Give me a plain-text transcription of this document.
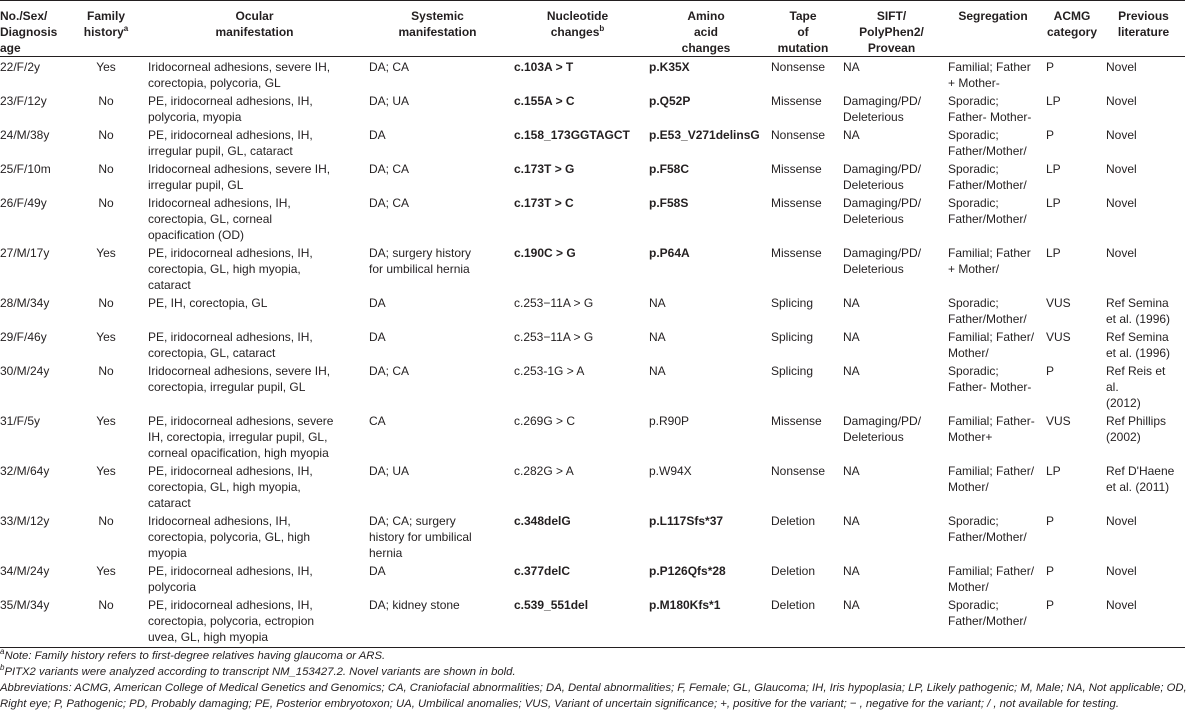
No./Sex/
Diagnosis age	Family
history$^a$	Ocular
manifestation	Systemic
manifestation	Nucleotide
changes$^b$	Amino
acid
changes	Tape
of
mutation	SIFT/
PolyPhen2/
Provean	Segregation	ACMG
category	Previous
literature
22/F/2y	Yes	Iridocorneal adhesions, severe IH,
corectopia, polycoria, GL	DA; CA	c.103A > T	p.K35X	Nonsense	NA	Familial; Father
+ Mother-	P	Novel
23/F/12y	No	PE, iridocorneal adhesions, IH,
polycoria, myopia	DA; UA	c.155A > C	p.Q52P	Missense	Damaging/PD/
Deleterious	Sporadic;
Father- Mother-	LP	Novel
24/M/38y	No	PE, iridocorneal adhesions, IH,
irregular pupil, GL, cataract	DA	c.158_173GGTAGCT	p.E53_V271delinsG	Nonsense	NA	Sporadic;
Father/Mother/	P	Novel
25/F/10m	No	Iridocorneal adhesions, severe IH,
irregular pupil, GL	DA; CA	c.173T > G	p.F58C	Missense	Damaging/PD/
Deleterious	Sporadic;
Father/Mother/	LP	Novel
26/F/49y	No	Iridocorneal adhesions, IH,
corectopia, GL, corneal
opacification (OD)	DA; CA	c.173T > C	p.F58S	Missense	Damaging/PD/
Deleterious	Sporadic;
Father/Mother/	LP	Novel
27/M/17y	Yes	PE, iridocorneal adhesions, IH,
corectopia, GL, high myopia,
cataract	DA; surgery history
for umbilical hernia	c.190C > G	p.P64A	Missense	Damaging/PD/
Deleterious	Familial; Father
+ Mother/	LP	Novel
28/M/34y	No	PE, IH, corectopia, GL	DA	c.253−11A > G	NA	Splicing	NA	Sporadic;
Father/Mother/	VUS	Ref Semina
et al. (1996)
29/F/46y	Yes	PE, iridocorneal adhesions, IH,
corectopia, GL, cataract	DA	c.253−11A > G	NA	Splicing	NA	Familial; Father/
Mother/	VUS	Ref Semina
et al. (1996)
30/M/24y	No	Iridocorneal adhesions, severe IH,
corectopia, irregular pupil, GL	DA; CA	c.253-1G > A	NA	Splicing	NA	Sporadic;
Father- Mother-	P	Ref Reis et al.
(2012)
31/F/5y	Yes	PE, iridocorneal adhesions, severe
IH, corectopia, irregular pupil, GL,
corneal opacification, high myopia	CA	c.269G > C	p.R90P	Missense	Damaging/PD/
Deleterious	Familial; Father-
Mother+	VUS	Ref Phillips
(2002)
32/M/64y	Yes	PE, iridocorneal adhesions, IH,
corectopia, GL, high myopia,
cataract	DA; UA	c.282G > A	p.W94X	Nonsense	NA	Familial; Father/
Mother/	LP	Ref D'Haene
et al. (2011)
33/M/12y	No	Iridocorneal adhesions, IH,
corectopia, polycoria, GL, high
myopia	DA; CA; surgery
history for umbilical
hernia	c.348delG	p.L117Sfs*37	Deletion	NA	Sporadic;
Father/Mother/	P	Novel
34/M/24y	Yes	PE, iridocorneal adhesions, IH,
polycoria	DA	c.377delC	p.P126Qfs*28	Deletion	NA	Familial; Father/
Mother/	P	Novel
35/M/34y	No	PE, iridocorneal adhesions, IH,
corectopia, polycoria, ectropion
uvea, GL, high myopia	DA; kidney stone	c.539_551del	p.M180Kfs*1	Deletion	NA	Sporadic;
Father/Mother/	P	Novel
$^a$Note: Family history refers to first-degree relatives having glaucoma or ARS.
$^b$PITX2 variants were analyzed according to transcript NM_153427.2. Novel variants are shown in bold.
Abbreviations: ACMG, American College of Medical Genetics and Genomics; CA, Craniofacial abnormalities; DA, Dental abnormalities; F, Female; GL, Glaucoma; IH, Iris hypoplasia; LP, Likely pathogenic; M, Male; NA, Not applicable; OD,
Right eye; P, Pathogenic; PD, Probably damaging; PE, Posterior embryotoxon; UA, Umbilical anomalies; VUS, Variant of uncertain significance; +, positive for the variant; − , negative for the variant; / , not available for testing.
